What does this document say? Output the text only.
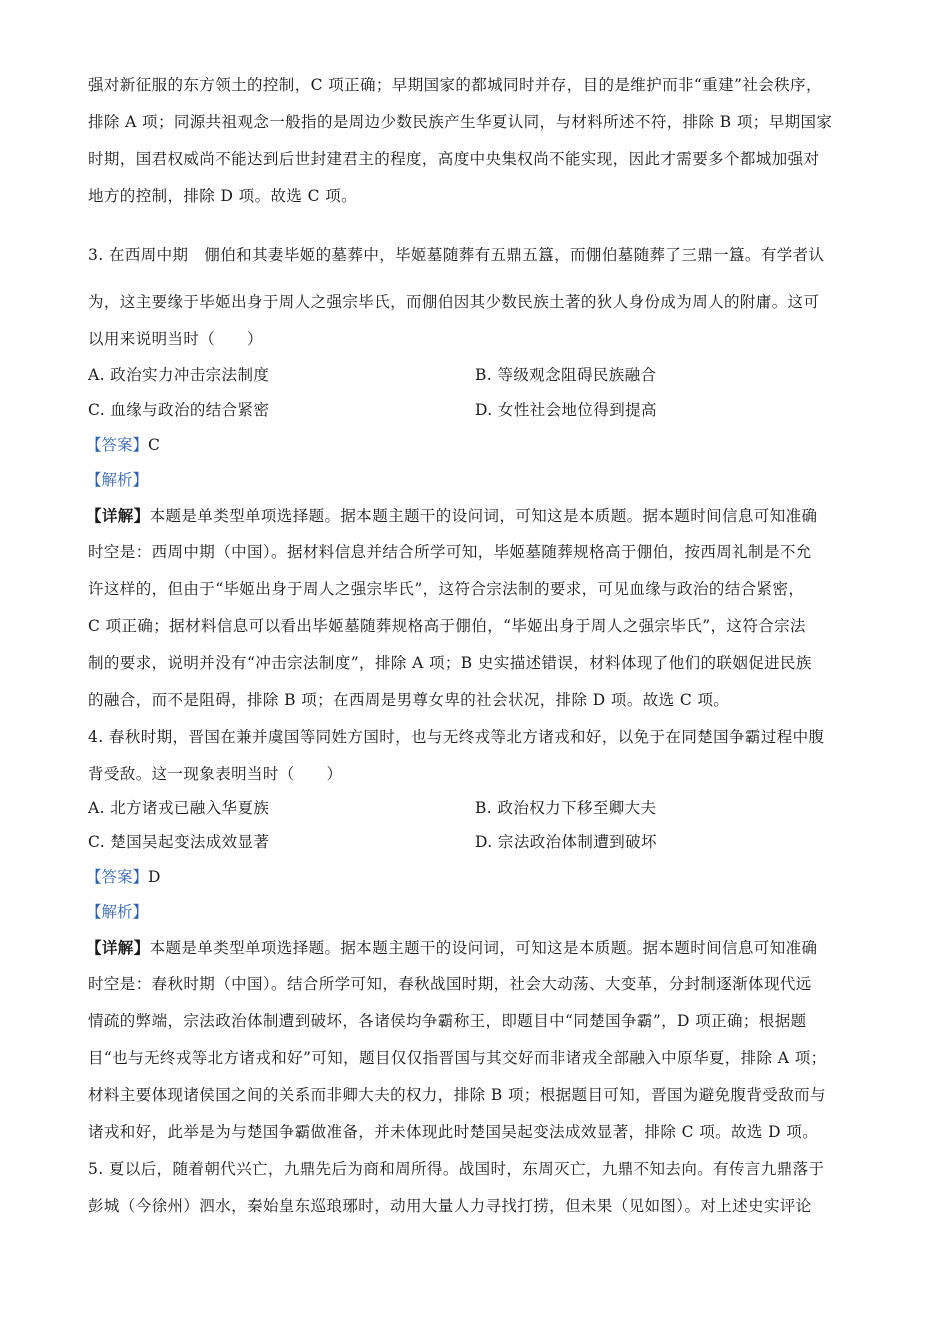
强对新征服的东方领土的控制，C 项正确；早期国家的都城同时并存，目的是维护而非“重建”社会秩序，
排除 A 项；同源共祖观念一般指的是周边少数民族产生华夏认同，与材料所述不符，排除 B 项；早期国家
时期，国君权威尚不能达到后世封建君主的程度，高度中央集权尚不能实现，因此才需要多个都城加强对
地方的控制，排除 D 项。故选 C 项。
3. 在西周中期　倗伯和其妻毕姬的墓葬中，毕姬墓随葬有五鼎五簋，而倗伯墓随葬了三鼎一簋。有学者认
为，这主要缘于毕姬出身于周人之强宗毕氏，而倗伯因其少数民族土著的狄人身份成为周人的附庸。这可
以用来说明当时（　　）
A. 政治实力冲击宗法制度	B. 等级观念阻碍民族融合
C. 血缘与政治的结合紧密	D. 女性社会地位得到提高
【答案】C
【解析】
【详解】本题是单类型单项选择题。据本题主题干的设问词，可知这是本质题。据本题时间信息可知准确
时空是：西周中期（中国）。据材料信息并结合所学可知，毕姬墓随葬规格高于倗伯，按西周礼制是不允
许这样的，但由于“毕姬出身于周人之强宗毕氏”，这符合宗法制的要求，可见血缘与政治的结合紧密，
C 项正确；据材料信息可以看出毕姬墓随葬规格高于倗伯，“毕姬出身于周人之强宗毕氏”，这符合宗法
制的要求，说明并没有“冲击宗法制度”，排除 A 项；B 史实描述错误，材料体现了他们的联姻促进民族
的融合，而不是阻碍，排除 B 项；在西周是男尊女卑的社会状况，排除 D 项。故选 C 项。
4. 春秋时期，晋国在兼并虞国等同姓方国时，也与无终戎等北方诸戎和好，以免于在同楚国争霸过程中腹
背受敌。这一现象表明当时（　　）
A. 北方诸戎已融入华夏族	B. 政治权力下移至卿大夫
C. 楚国吴起变法成效显著	D. 宗法政治体制遭到破坏
【答案】D
【解析】
【详解】本题是单类型单项选择题。据本题主题干的设问词，可知这是本质题。据本题时间信息可知准确
时空是：春秋时期（中国）。结合所学可知，春秋战国时期，社会大动荡、大变革，分封制逐渐体现代远
情疏的弊端，宗法政治体制遭到破坏，各诸侯均争霸称王，即题目中“同楚国争霸”，D 项正确；根据题
目“也与无终戎等北方诸戎和好”可知，题目仅仅指晋国与其交好而非诸戎全部融入中原华夏，排除 A 项；
材料主要体现诸侯国之间的关系而非卿大夫的权力，排除 B 项；根据题目可知，晋国为避免腹背受敌而与
诸戎和好，此举是为与楚国争霸做准备，并未体现此时楚国吴起变法成效显著，排除 C 项。故选 D 项。
5. 夏以后，随着朝代兴亡，九鼎先后为商和周所得。战国时，东周灭亡，九鼎不知去向。有传言九鼎落于
彭城（今徐州）泗水，秦始皇东巡琅琊时，动用大量人力寻找打捞，但未果（见如图）。对上述史实评论
